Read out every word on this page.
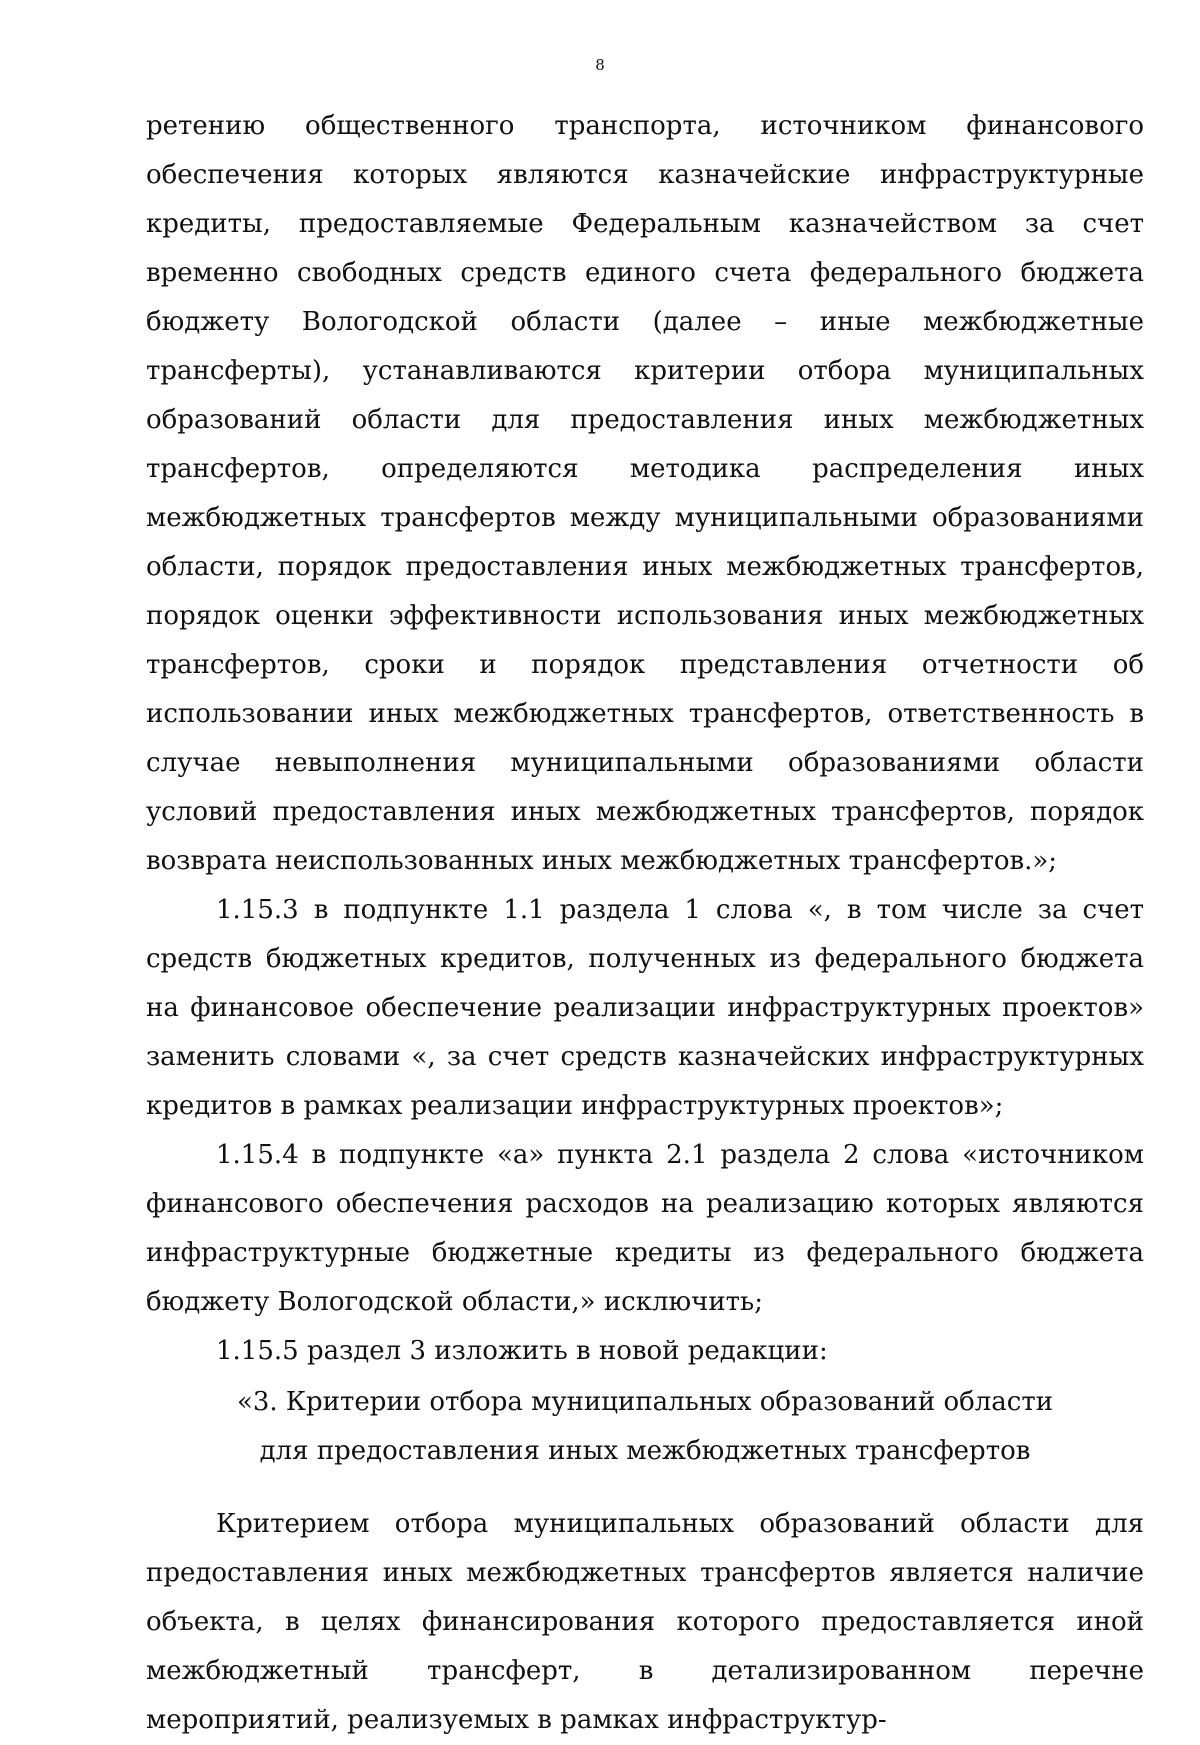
8

ретению общественного транспорта, источником финансового обеспечения которых являются казначейские инфраструктурные кредиты, предоставляемые Федеральным казначейством за счет временно свободных средств единого счета федерального бюджета бюджету Вологодской области (далее – иные межбюджетные трансферты), устанавливаются критерии отбора муниципальных образований области для предоставления иных межбюджетных трансфертов, определяются методика распределения иных межбюджетных трансфертов между муниципальными образованиями области, порядок предоставления иных межбюджетных трансфертов, порядок оценки эффективности использования иных межбюджетных трансфертов, сроки и порядок представления отчетности об использовании иных межбюджетных трансфертов, ответственность в случае невыполнения муниципальными образованиями области условий предоставления иных межбюджетных трансфертов, порядок возврата неиспользованных иных межбюджетных трансфертов.»;

1.15.3 в подпункте 1.1 раздела 1 слова «, в том числе за счет средств бюджетных кредитов, полученных из федерального бюджета на финансовое обеспечение реализации инфраструктурных проектов» заменить словами «, за счет средств казначейских инфраструктурных кредитов в рамках реализации инфраструктурных проектов»;

1.15.4 в подпункте «а» пункта 2.1 раздела 2 слова «источником финансового обеспечения расходов на реализацию которых являются инфраструктурные бюджетные кредиты из федерального бюджета бюджету Вологодской области,» исключить;

1.15.5 раздел 3 изложить в новой редакции:

«3. Критерии отбора муниципальных образований области
для предоставления иных межбюджетных трансфертов

Критерием отбора муниципальных образований области для предоставления иных межбюджетных трансфертов является наличие объекта, в целях финансирования которого предоставляется иной межбюджетный трансферт, в детализированном перечне мероприятий, реализуемых в рамках инфраструктур-
